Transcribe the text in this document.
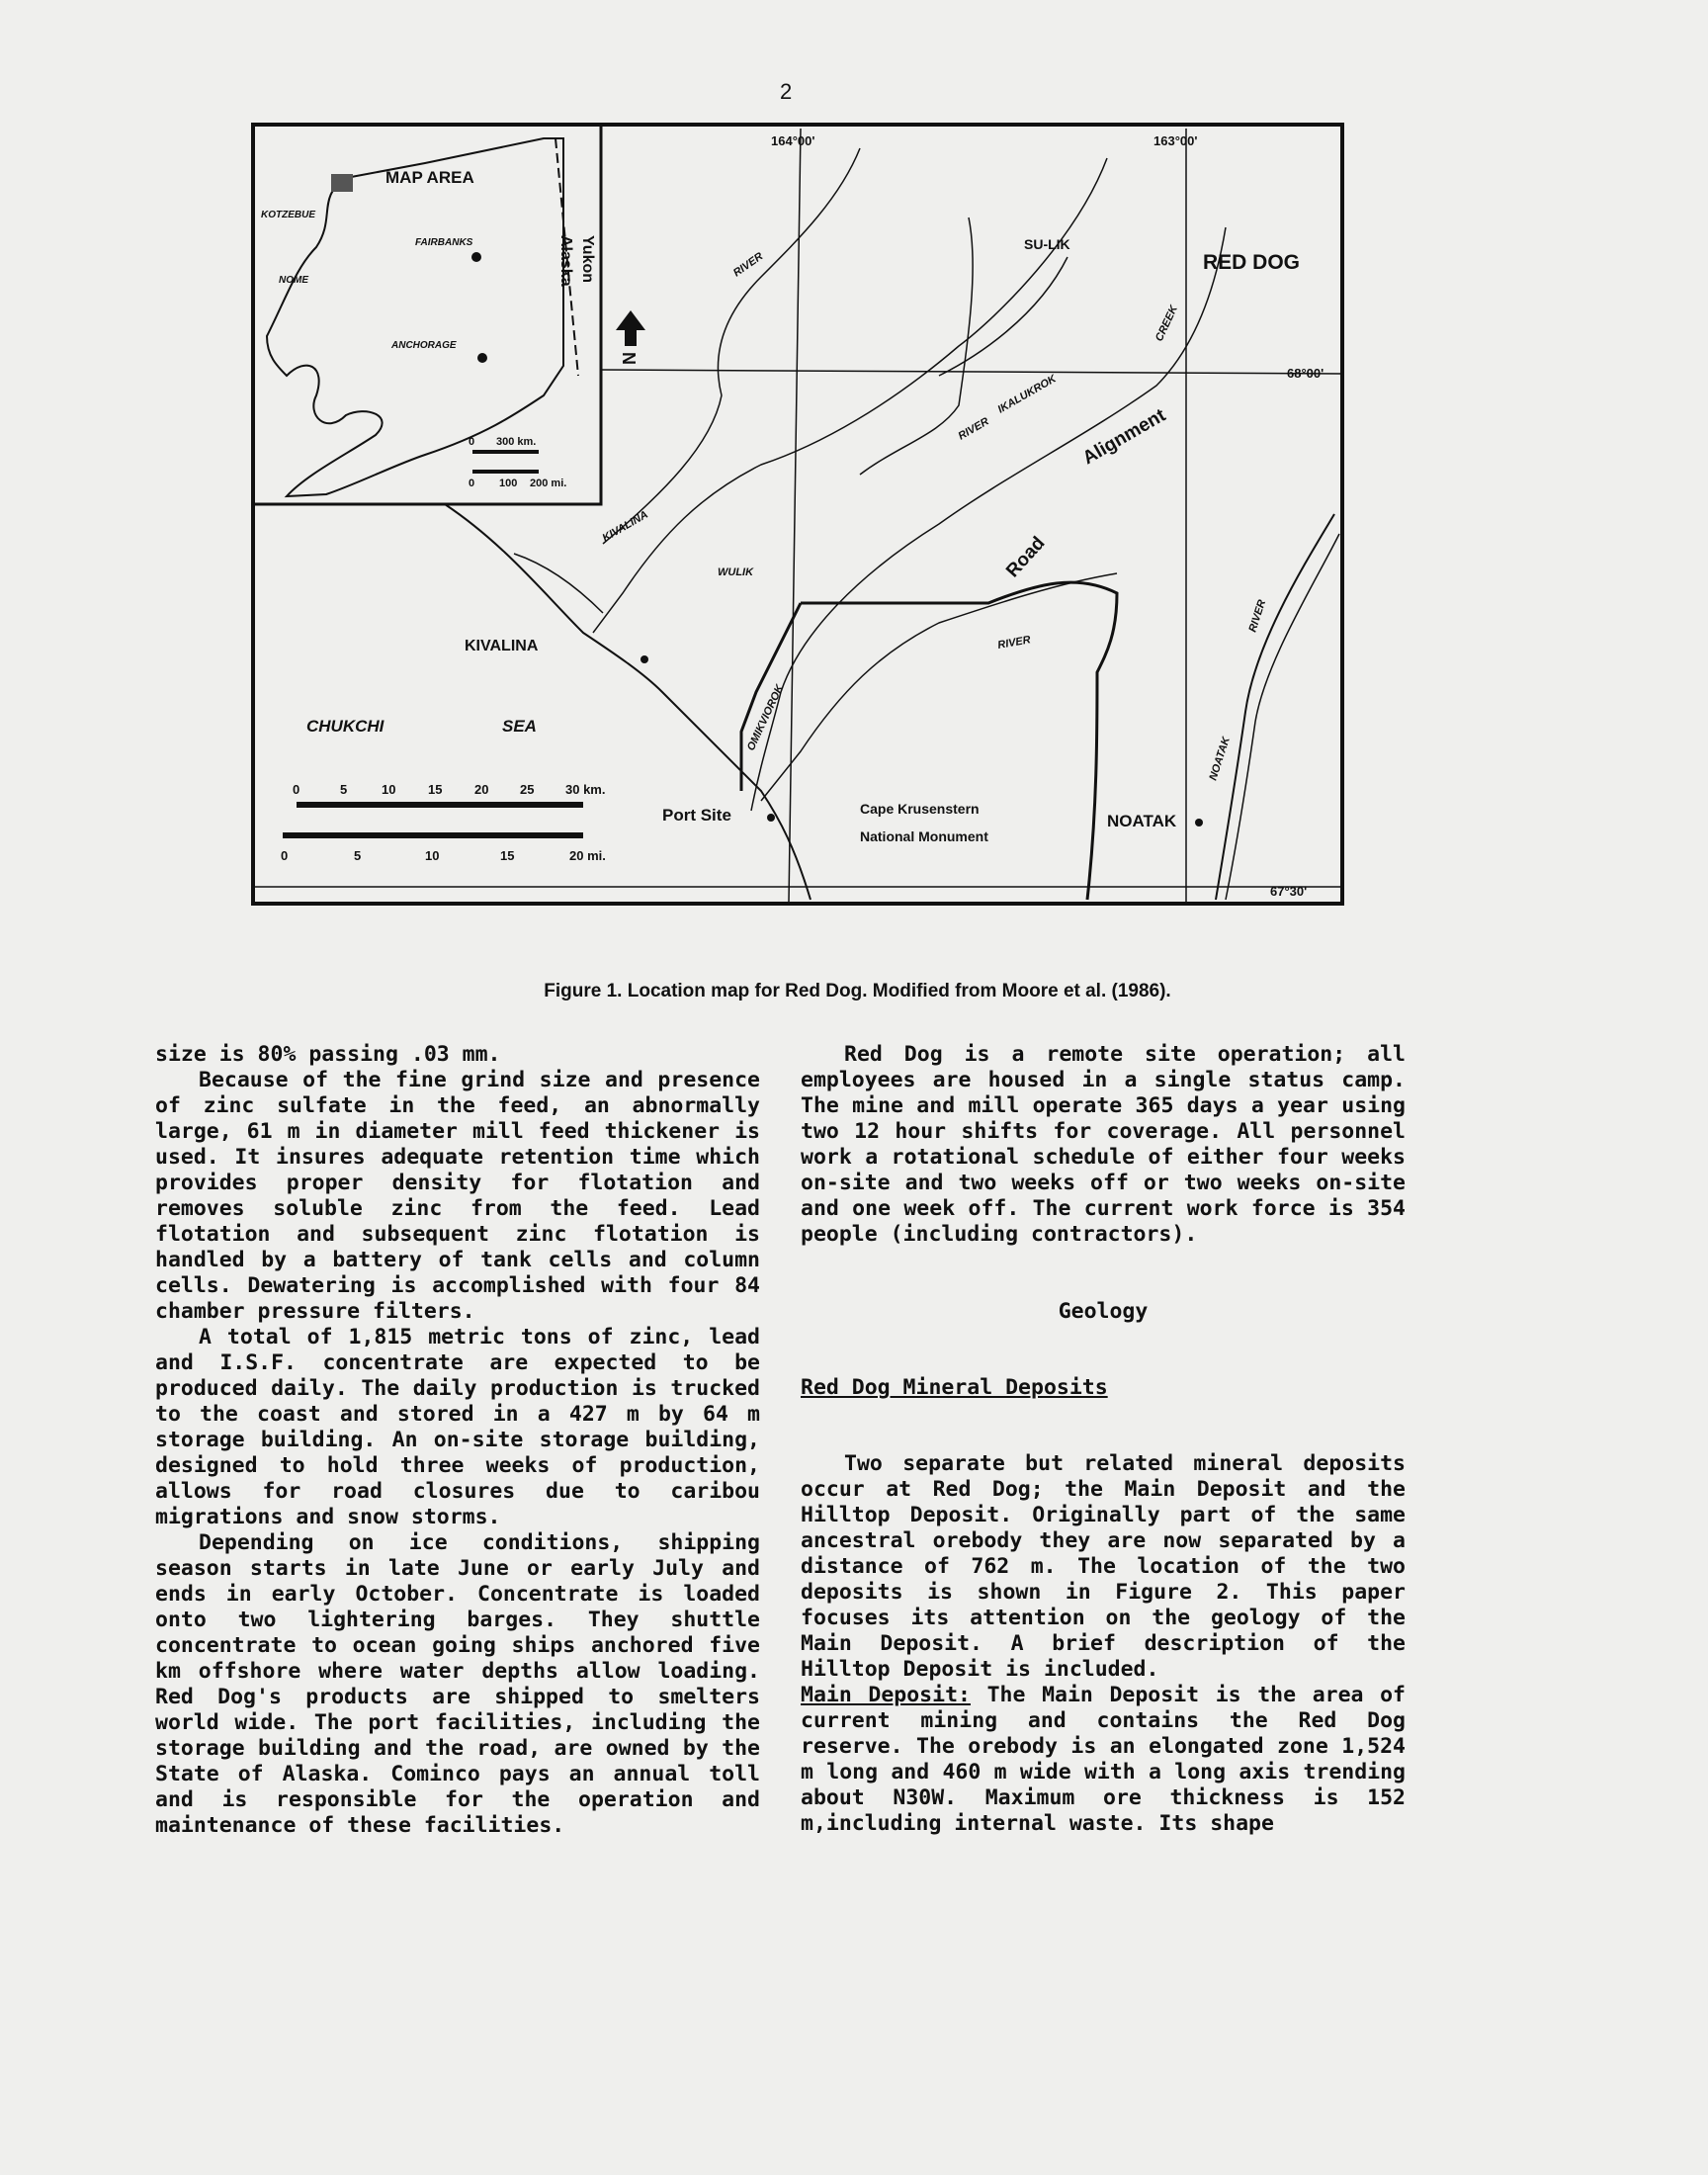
2
MAP AREA
KOTZEBUE
FAIRBANKS
NOME
ANCHORAGE
Yukon
Alaska
0 300 km.
0 100 200 mi.
N
164°00'	163°00'
68°00'
67°30'
SU-LIK
RED DOG
KIVALINA
Port Site	NOATAK
CHUKCHI	SEA
RIVER
KIVALINA
WULIK
RIVER
IKALUKROK
CREEK
OMIKVIOROK
RIVER
RIVER
NOATAK
Road
Alignment
Cape Krusenstern
National Monument
0	5	10	15	20 25 30 km.
0	5	10	15	20 mi.
Figure 1. Location map for Red Dog. Modified from Moore et al. (1986).

size is 80% passing .03 mm.

Because of the fine grind size and presence of zinc sulfate in the feed, an abnormally large, 61 m in diameter mill feed thickener is used. It insures adequate retention time which provides proper density for flotation and removes soluble zinc from the feed. Lead flotation and subsequent zinc flotation is handled by a battery of tank cells and column cells. Dewatering is accomplished with four 84 chamber pressure filters.

A total of 1,815 metric tons of zinc, lead and I.S.F. concentrate are expected to be produced daily. The daily production is trucked to the coast and stored in a 427 m by 64 m storage building. An on-site storage building, designed to hold three weeks of production, allows for road closures due to caribou migrations and snow storms.

Depending on ice conditions, shipping season starts in late June or early July and ends in early October. Concentrate is loaded onto two lightering barges. They shuttle concentrate to ocean going ships anchored five km offshore where water depths allow loading. Red Dog's products are shipped to smelters world wide. The port facilities, including the storage building and the road, are owned by the State of Alaska. Cominco pays an annual toll and is responsible for the operation and maintenance of these facilities.

Red Dog is a remote site operation; all employees are housed in a single status camp. The mine and mill operate 365 days a year using two 12 hour shifts for coverage. All personnel work a rotational schedule of either four weeks on-site and two weeks off or two weeks on-site and one week off. The current work force is 354 people (including contractors).

Geology

Red Dog Mineral Deposits

Two separate but related mineral deposits occur at Red Dog; the Main Deposit and the Hilltop Deposit. Originally part of the same ancestral orebody they are now separated by a distance of 762 m. The location of the two deposits is shown in Figure 2. This paper focuses its attention on the geology of the Main Deposit. A brief description of the Hilltop Deposit is included.

Main Deposit: The Main Deposit is the area of current mining and contains the Red Dog reserve. The orebody is an elongated zone 1,524 m long and 460 m wide with a long axis trending about N30W. Maximum ore thickness is 152 m,including internal waste. Its shape
